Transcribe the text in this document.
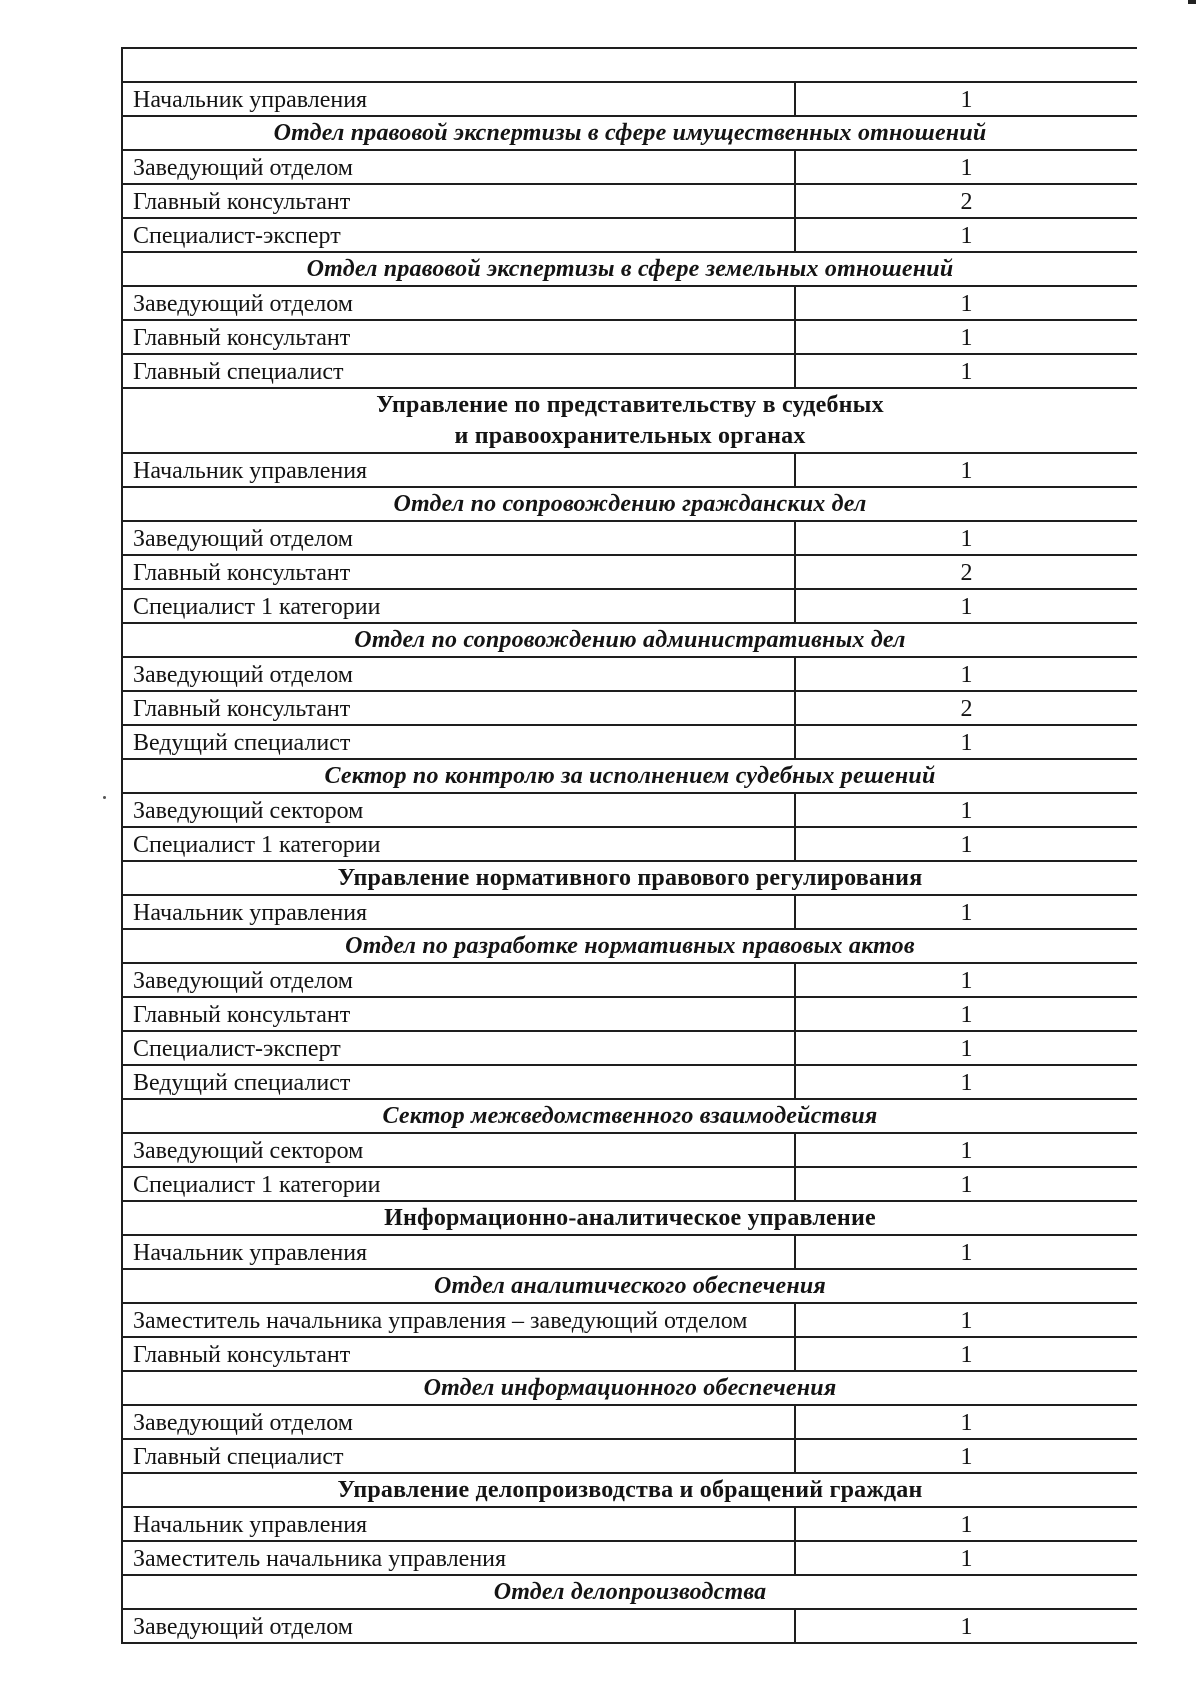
Начальник управления	1
Отдел правовой экспертизы в сфере имущественных отношений
Заведующий отделом	1
Главный консультант	2
Специалист-эксперт	1
Отдел правовой экспертизы в сфере земельных отношений
Заведующий отделом	1
Главный консультант	1
Главный специалист	1
Управление по представительству в судебных
и правоохранительных органах
Начальник управления	1
Отдел по сопровождению гражданских дел
Заведующий отделом	1
Главный консультант	2
Специалист 1 категории	1
Отдел по сопровождению административных дел
Заведующий отделом	1
Главный консультант	2
Ведущий специалист	1
Сектор по контролю за исполнением судебных решений
Заведующий сектором	1
Специалист 1 категории	1
Управление нормативного правового регулирования
Начальник управления	1
Отдел по разработке нормативных правовых актов
Заведующий отделом	1
Главный консультант	1
Специалист-эксперт	1
Ведущий специалист	1
Сектор межведомственного взаимодействия
Заведующий сектором	1
Специалист 1 категории	1
Информационно-аналитическое управление
Начальник управления	1
Отдел аналитического обеспечения
Заместитель начальника управления – заведующий отделом	1
Главный консультант	1
Отдел информационного обеспечения
Заведующий отделом	1
Главный специалист	1
Управление делопроизводства и обращений граждан
Начальник управления	1
Заместитель начальника управления	1
Отдел делопроизводства
Заведующий отделом	1
